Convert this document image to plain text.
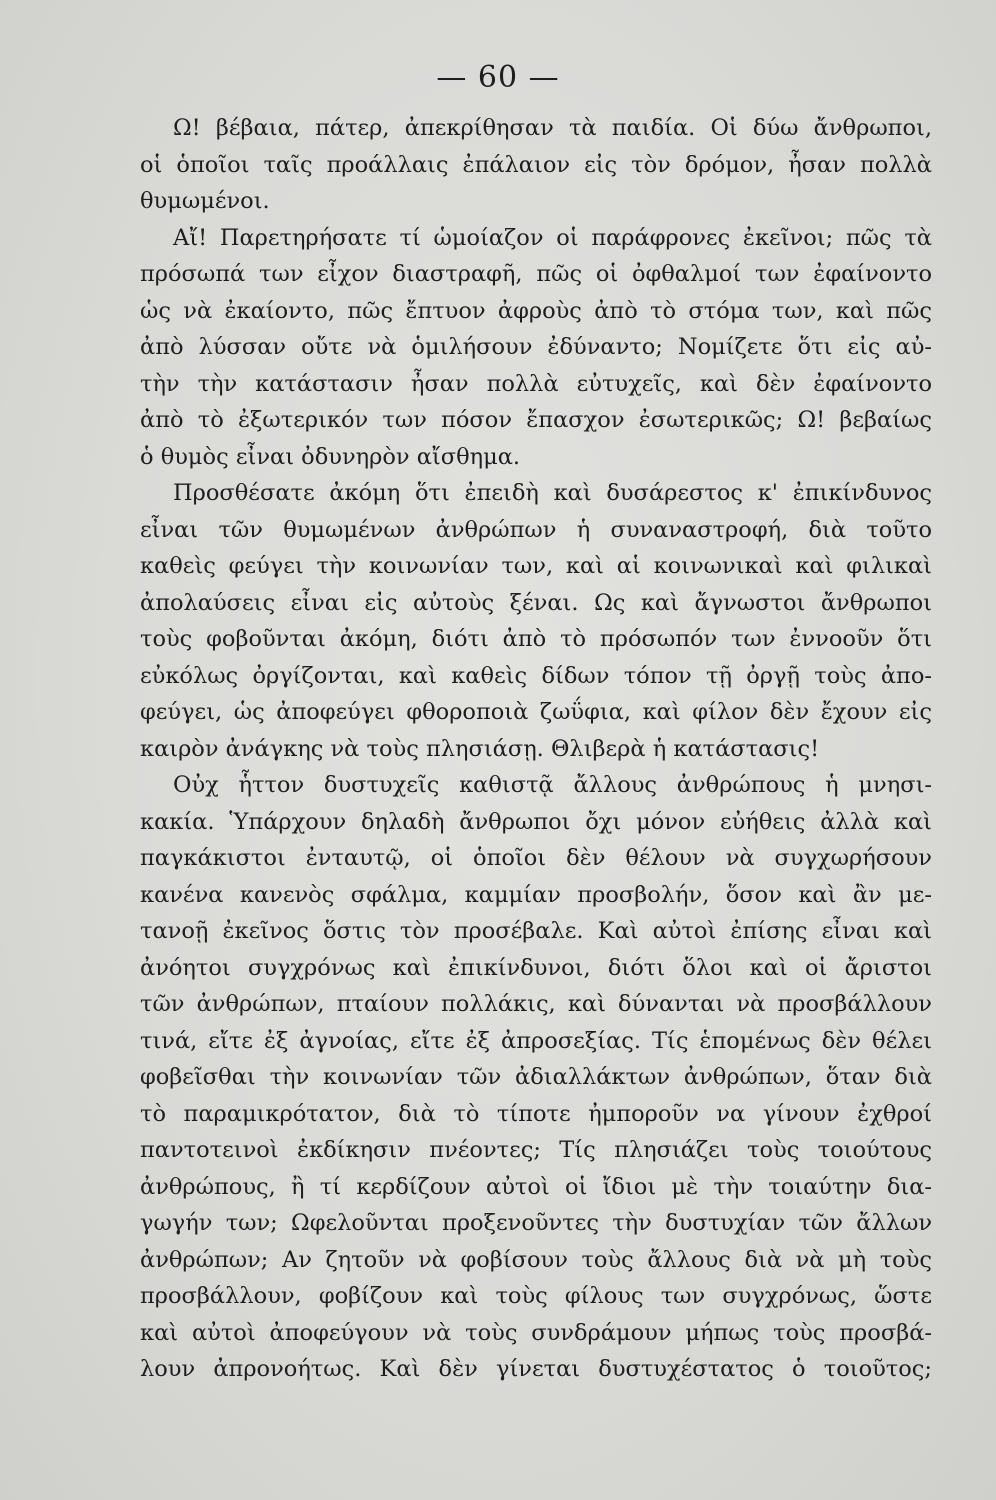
— 60 —
Ω! βέβαια, πάτερ, ἀπεκρίθησαν τὰ παιδία. Οἱ δύω ἄνθρωποι,
οἱ ὁποῖοι ταῖς προάλλαις ἐπάλαιον εἰς τὸν δρόμον, ἦσαν πολλὰ
θυμωμένοι.
Αἴ! Παρετηρήσατε τί ὡμοίαζον οἱ παράφρονες ἐκεῖνοι; πῶς τὰ
πρόσωπά των εἶχον διαστραφῆ, πῶς οἱ ὀφθαλμοί των ἐφαίνοντο
ὡς νὰ ἐκαίοντο, πῶς ἔπτυον ἀφροὺς ἀπὸ τὸ στόμα των, καὶ πῶς
ἀπὸ λύσσαν οὔτε νὰ ὁμιλήσουν ἐδύναντο; Νομίζετε ὅτι εἰς αὐ-
τὴν τὴν κατάστασιν ἦσαν πολλὰ εὐτυχεῖς, καὶ δὲν ἐφαίνοντο
ἀπὸ τὸ ἐξωτερικόν των πόσον ἔπασχον ἐσωτερικῶς; Ω! βεβαίως
ὁ θυμὸς εἶναι ὀδυνηρὸν αἴσθημα.
Προσθέσατε ἀκόμη ὅτι ἐπειδὴ καὶ δυσάρεστος κ' ἐπικίνδυνος
εἶναι τῶν θυμωμένων ἀνθρώπων ἡ συναναστροφή, διὰ τοῦτο
καθεὶς φεύγει τὴν κοινωνίαν των, καὶ αἱ κοινωνικαὶ καὶ φιλικαὶ
ἀπολαύσεις εἶναι εἰς αὐτοὺς ξέναι. Ως καὶ ἄγνωστοι ἄνθρωποι
τοὺς φοβοῦνται ἀκόμη, διότι ἀπὸ τὸ πρόσωπόν των ἐννοοῦν ὅτι
εὐκόλως ὀργίζονται, καὶ καθεὶς δίδων τόπον τῇ ὀργῇ τοὺς ἀπο-
φεύγει, ὡς ἀποφεύγει φθοροποιὰ ζωΰφια, καὶ φίλον δὲν ἔχουν εἰς
καιρὸν ἀνάγκης νὰ τοὺς πλησιάσῃ. Θλιβερὰ ἡ κατάστασις!
Οὐχ ἧττον δυστυχεῖς καθιστᾷ ἄλλους ἀνθρώπους ἡ μνησι-
κακία. Ὑπάρχουν δηλαδὴ ἄνθρωποι ὄχι μόνον εὐήθεις ἀλλὰ καὶ
παγκάκιστοι ἐνταυτῷ, οἱ ὁποῖοι δὲν θέλουν νὰ συγχωρήσουν
κανένα κανενὸς σφάλμα, καμμίαν προσβολήν, ὅσον καὶ ἂν με-
τανοῇ ἐκεῖνος ὅστις τὸν προσέβαλε. Καὶ αὐτοὶ ἐπίσης εἶναι καὶ
ἀνόητοι συγχρόνως καὶ ἐπικίνδυνοι, διότι ὅλοι καὶ οἱ ἄριστοι
τῶν ἀνθρώπων, πταίουν πολλάκις, καὶ δύνανται νὰ προσβάλλουν
τινά, εἴτε ἐξ ἀγνοίας, εἴτε ἐξ ἀπροσεξίας. Τίς ἑπομένως δὲν θέλει
φοβεῖσθαι τὴν κοινωνίαν τῶν ἀδιαλλάκτων ἀνθρώπων, ὅταν διὰ
τὸ παραμικρότατον, διὰ τὸ τίποτε ἠμποροῦν να γίνουν ἐχθροί
παντοτεινοὶ ἐκδίκησιν πνέοντες; Τίς πλησιάζει τοὺς τοιούτους
ἀνθρώπους, ἢ τί κερδίζουν αὐτοὶ οἱ ἴδιοι μὲ τὴν τοιαύτην δια-
γωγήν των; Ωφελοῦνται προξενοῦντες τὴν δυστυχίαν τῶν ἄλλων
ἀνθρώπων; Αν ζητοῦν νὰ φοβίσουν τοὺς ἄλλους διὰ νὰ μὴ τοὺς
προσβάλλουν, φοβίζουν καὶ τοὺς φίλους των συγχρόνως, ὥστε
καὶ αὐτοὶ ἀποφεύγουν νὰ τοὺς συνδράμουν μήπως τοὺς προσβά-
λουν ἀπρονοήτως. Καὶ δὲν γίνεται δυστυχέστατος ὁ τοιοῦτος;
